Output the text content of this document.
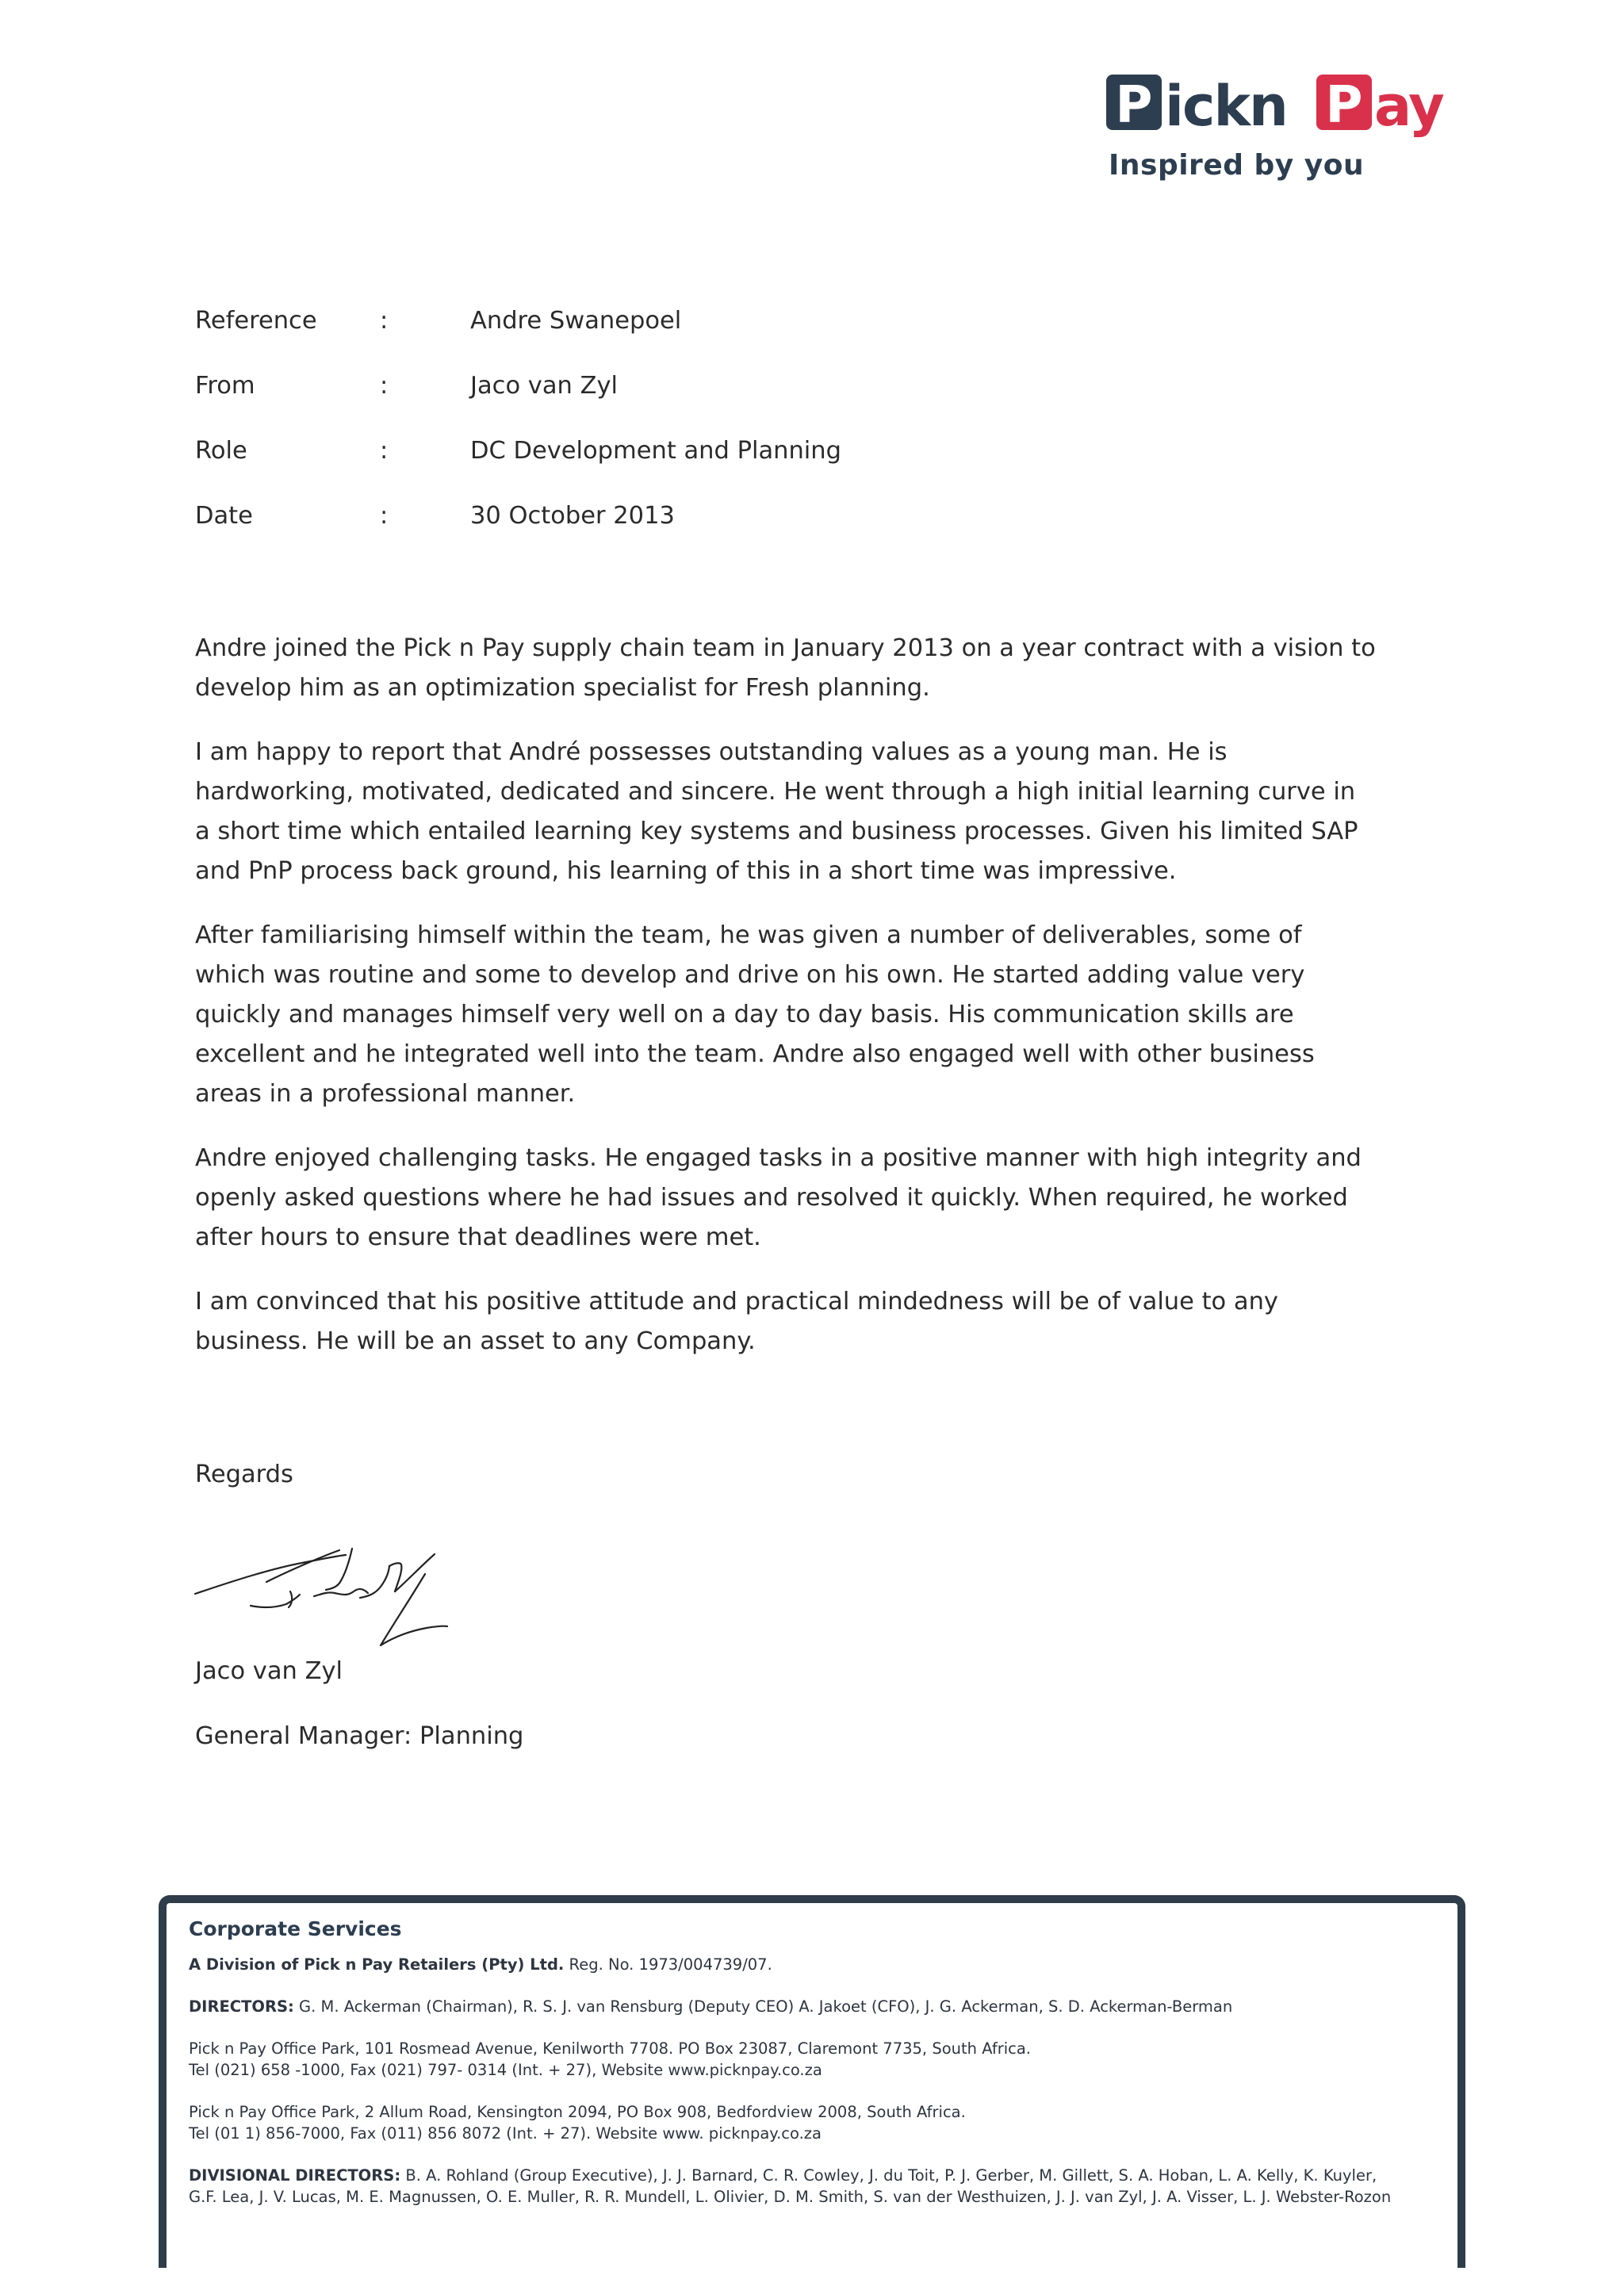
P ickn P ay
Inspired by you
Reference	:	Andre Swanepoel
From	:	Jaco van Zyl
Role	:	DC Development and Planning
Date	:	30 October 2013

Andre joined the Pick n Pay supply chain team in January 2013 on a year contract with a vision to develop him as an optimization specialist for Fresh planning.

I am happy to report that André possesses outstanding values as a young man. He is hardworking, motivated, dedicated and sincere. He went through a high initial learning curve in a short time which entailed learning key systems and business processes. Given his limited SAP and PnP process back ground, his learning of this in a short time was impressive.

After familiarising himself within the team, he was given a number of deliverables, some of which was routine and some to develop and drive on his own. He started adding value very quickly and manages himself very well on a day to day basis. His communication skills are excellent and he integrated well into the team. Andre also engaged well with other business areas in a professional manner.

Andre enjoyed challenging tasks. He engaged tasks in a positive manner with high integrity and openly asked questions where he had issues and resolved it quickly. When required, he worked after hours to ensure that deadlines were met.

I am convinced that his positive attitude and practical mindedness will be of value to any business. He will be an asset to any Company.

Regards
Jaco van Zyl
General Manager: Planning
Corporate Services
A Division of Pick n Pay Retailers (Pty) Ltd. Reg. No. 1973/004739/07.
DIRECTORS: G. M. Ackerman (Chairman), R. S. J. van Rensburg (Deputy CEO) A. Jakoet (CFO), J. G. Ackerman, S. D. Ackerman-Berman
Pick n Pay Office Park, 101 Rosmead Avenue, Kenilworth 7708. PO Box 23087, Claremont 7735, South Africa.
Tel (021) 658 -1000, Fax (021) 797- 0314 (Int. + 27), Website www.picknpay.co.za
Pick n Pay Office Park, 2 Allum Road, Kensington 2094, PO Box 908, Bedfordview 2008, South Africa.
Tel (01 1) 856-7000, Fax (011) 856 8072 (Int. + 27). Website www. picknpay.co.za
DIVISIONAL DIRECTORS: B. A. Rohland (Group Executive), J. J. Barnard, C. R. Cowley, J. du Toit, P. J. Gerber, M. Gillett, S. A. Hoban, L. A. Kelly, K. Kuyler,
G.F. Lea, J. V. Lucas, M. E. Magnussen, O. E. Muller, R. R. Mundell, L. Olivier, D. M. Smith, S. van der Westhuizen, J. J. van Zyl, J. A. Visser, L. J. Webster-Rozon
